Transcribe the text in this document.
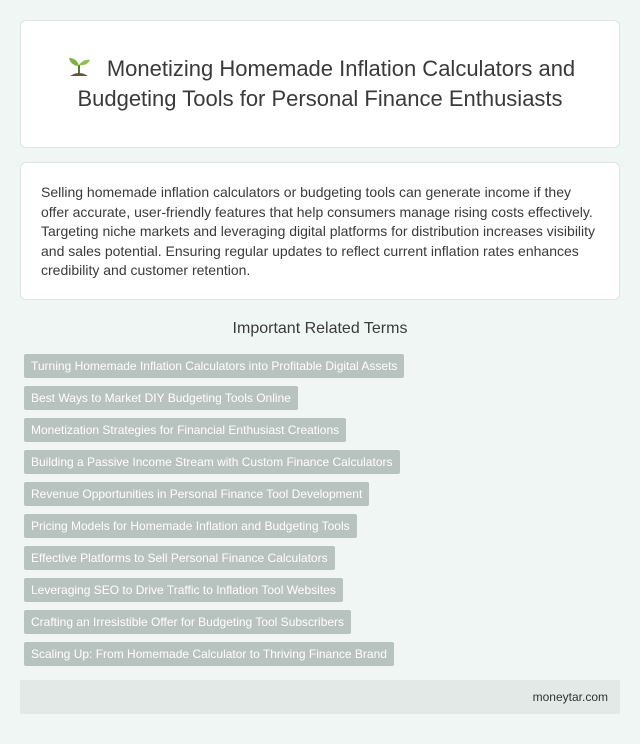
Monetizing Homemade Inflation Calculators and Budgeting Tools for Personal Finance Enthusiasts

Selling homemade inflation calculators or budgeting tools can generate income if they offer accurate, user-friendly features that help consumers manage rising costs effectively. Targeting niche markets and leveraging digital platforms for distribution increases visibility and sales potential. Ensuring regular updates to reflect current inflation rates enhances credibility and customer retention.

Important Related Terms
Turning Homemade Inflation Calculators into Profitable Digital Assets
Best Ways to Market DIY Budgeting Tools Online
Monetization Strategies for Financial Enthusiast Creations
Building a Passive Income Stream with Custom Finance Calculators
Revenue Opportunities in Personal Finance Tool Development
Pricing Models for Homemade Inflation and Budgeting Tools
Effective Platforms to Sell Personal Finance Calculators
Leveraging SEO to Drive Traffic to Inflation Tool Websites
Crafting an Irresistible Offer for Budgeting Tool Subscribers
Scaling Up: From Homemade Calculator to Thriving Finance Brand
moneytar.com
